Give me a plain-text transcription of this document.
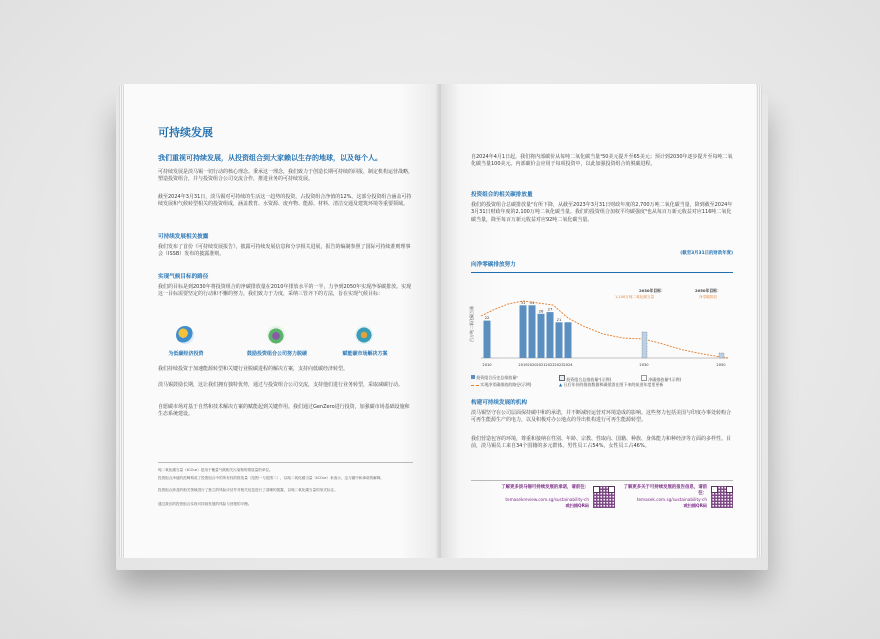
可持续发展
我们重视可持续发展，从投资组合到大家赖以生存的地球，以及每个人。
可持续发展是淡马锡一切行动的核心理念。秉承这一理念，我们致力于创造长期可持续的回报，制定机构运营战略，塑造投资组合，并与投资组合公司交流合作，推进业务的可持续发展。
截至2024年3月31日，淡马锡对可持续的生活这一趋势的投资，占投资组合净值的12%。这部分投资组合涵盖可持续发展和气候转型相关的投资组成，涵盖教育、水资源、废弃物、能源、材料、清洁交通及建筑环境等重要领域。
可持续发展相关披露
我们发布了首份《可持续发展报告》，披露可持续发展信息和分享相关进展，报告的编制参照了国际可持续准则理事会（ISSB）发布的披露准则。
实现气候目标的路径
我们的目标是到2030年将投资组合的净碳排放量在2010年排放水平的一半，力争到2050年实现净零碳排放。实现这一目标需要坚定的行动和不懈的努力。我们致力于力度，采纳三管齐下的方法，旨在实现气候目标：
为低碳经济投资	鼓励投资组合公司努力脱碳	赋能碳市场解决方案
我们持续投资于加速能源转型和关键行业脱碳进程的解决方案，支持向低碳经济转型。
淡马锡鼓励长期，这让我们拥有独特优势，通过与投资组合公司交流，支持他们进行业务转型，采取减碳行动。
自愿碳市场对基于自然和技术解决方案的赋能起到关键作用。我们通过GenZero进行投资，加强碳市场基础设施和生态系统建设。
吨二氧化碳当量（tCO₂e）是用于衡量气候相关污染物的排放量的单位。
投资组合净值的范畴构成了投资组合中的所有权的排放量（范围一与范围二），以吨二氧化碳当量（tCO₂e）来表示，这与碳中和承诺的解释。
投资组合涉及的相关领域进行了独立的风险评估并对相关信息进行了清晰的披露，以吨二氧化碳当量的形式标注。
通过我们的投资组合实现可持续发展的风险与回报的平衡。
自2024年4月1日起，我们将内部碳价从每吨二氧化碳当量¹50美元提升至65美元；预计到2030年逐步提升至每吨二氧化碳当量100美元。内部碳价会应用于每项投资中，以此加强投资组合的脱碳进程。
投资组合的相关碳排放量
我们的投资组合总碳排放量²有所下降，从截至2023年3月31日财政年度的2,700万吨二氧化碳当量，降到截至2024年3月31日财政年度的2,100万吨二氧化碳当量。我们的投资组合加权平均碳强度³也从每百万新元收益对应116吨二氧化碳当量，降至每百万新元收益对应92吨二氧化碳当量。
(截至3月31日的财政年度)
向净零碳排放努力
百万吨二氧化碳当量	22
31 31
26 27
21
2010	2019 2020 2021 2022 2023 2024	2030	2050
2030年目标：
1,100万吨二氧化碳当量
2050年目标：
净零碳排放
投资组合历史总排放量²	投资组合总排放量²(示例)	净碳排放量²(示例)
实现净零碳排放的路径(示例)	▲ 日后年份的排放数据和碳抵消在图下来的前进年度里更新
构建可持续发展的机构
淡马锡坚守在公司层面保持碳中和的承诺，并不断减轻运营对环境造成的影响。这些努力包括美国与印度办事处转购合可再生能源生产的电力，以及积极对办公地点的导出机构进行可再生能源转型。
我们营造包容的环境，尊重和接纳在性别、年龄、宗教、性取向、国籍、种族、身体能力和种经济等方面的多样性。目前，淡马锡员工来自34个国籍的多元群体，男性员工占54%，女性员工占46%。
了解更多淡马锡可持续发展的承诺，请前往：
temasekreview.com.sg/sustainability-ch
或扫描QR码
了解更多关于可持续发展的报告信息，请前往：
temasek.com.sg/sustainability-ch
或扫描QR码
